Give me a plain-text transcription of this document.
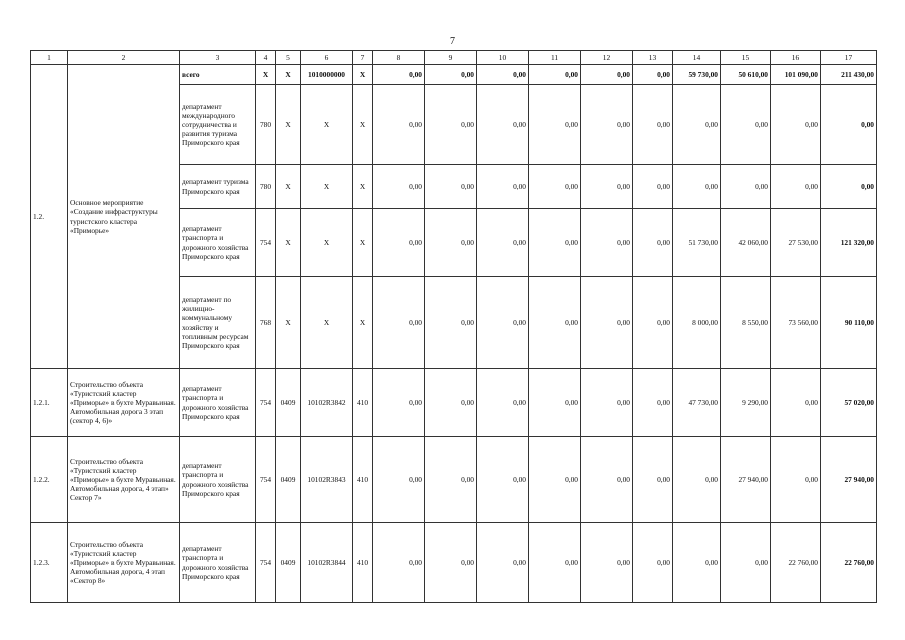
7
1	2	3	4	5	6	7	8	9	10	11	12	13	14	15	16	17
1.2.	Основное мероприятие «Создание инфраструктуры туристского кластера «Приморье»	всего	Х	Х	1010000000	Х	0,00	0,00	0,00	0,00	0,00	0,00	59 730,00	50 610,00	101 090,00	211 430,00
		департамент международного сотрудничества и развития туризма Приморского края	780	Х	Х	Х	0,00	0,00	0,00	0,00	0,00	0,00	0,00	0,00	0,00	0,00
		департамент туризма Приморского края	780	Х	Х	Х	0,00	0,00	0,00	0,00	0,00	0,00	0,00	0,00	0,00	0,00
		департамент транспорта и дорожного хозяйства Приморского края	754	Х	Х	Х	0,00	0,00	0,00	0,00	0,00	0,00	51 730,00	42 060,00	27 530,00	121 320,00
		департамент по жилищно-коммунальному хозяйству и топливным ресурсам Приморского края	768	Х	Х	Х	0,00	0,00	0,00	0,00	0,00	0,00	8 000,00	8 550,00	73 560,00	90 110,00
1.2.1.	Строительство объекта «Туристский кластер «Приморье» в бухте Муравьиная. Автомобильная дорога 3 этап (сектор 4, 6)»	департамент транспорта и дорожного хозяйства Приморского края	754	0409	10102R3842	410	0,00	0,00	0,00	0,00	0,00	0,00	47 730,00	9 290,00	0,00	57 020,00
1.2.2.	Строительство объекта «Туристский кластер «Приморье» в бухте Муравьиная. Автомобильная дорога, 4 этап» Сектор 7»	департамент транспорта и дорожного хозяйства Приморского края	754	0409	10102R3843	410	0,00	0,00	0,00	0,00	0,00	0,00	0,00	27 940,00	0,00	27 940,00
1.2.3.	Строительство объекта «Туристский кластер «Приморье» в бухте Муравьиная. Автомобильная дорога, 4 этап «Сектор 8»	департамент транспорта и дорожного хозяйства Приморского края	754	0409	10102R3844	410	0,00	0,00	0,00	0,00	0,00	0,00	0,00	0,00	22 760,00	22 760,00
